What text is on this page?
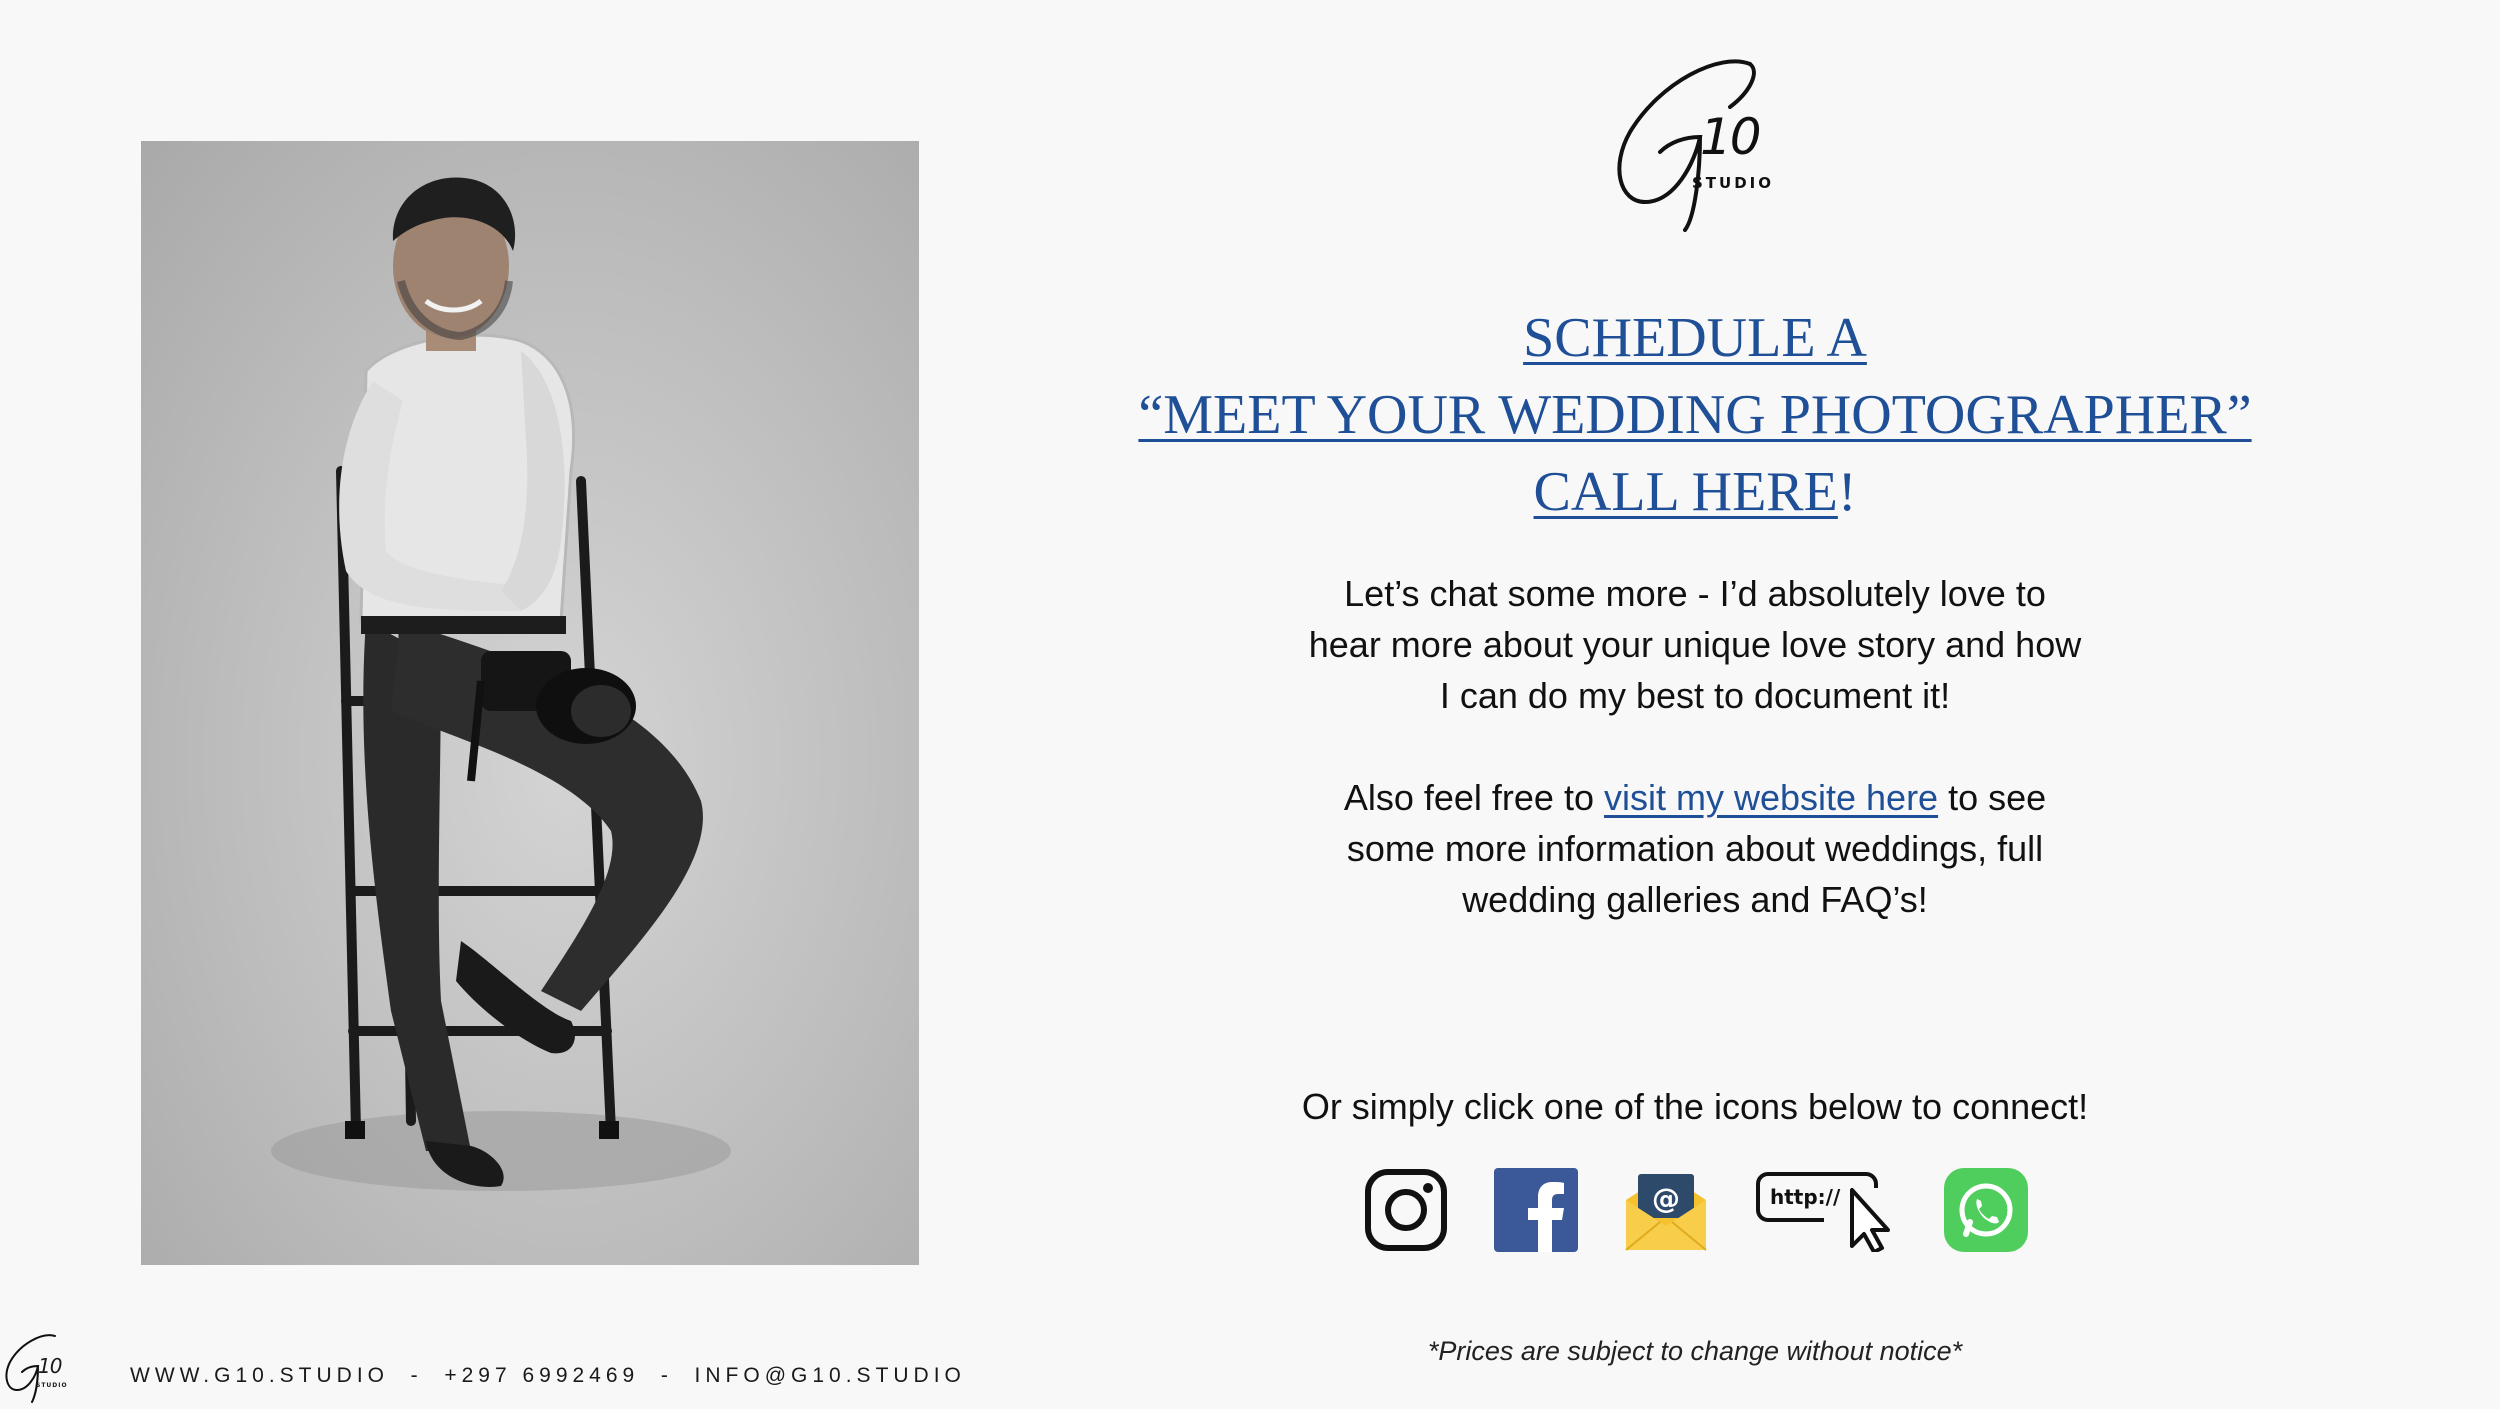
10
STUDIO
SCHEDULE A
“MEET YOUR WEDDING PHOTOGRAPHER”
CALL HERE!
Let’s chat some more - I’d absolutely love to
hear more about your unique love story and how
I can do my best to document it!
Also feel free to visit my website here to see
some more information about weddings, full
wedding galleries and FAQ’s!
Or simply click one of the icons below to connect!
@	http://
*Prices are subject to change without notice*
10
STUDIO	WWW.G10.STUDIO  -  +297 6992469  -  INFO@G10.STUDIO
